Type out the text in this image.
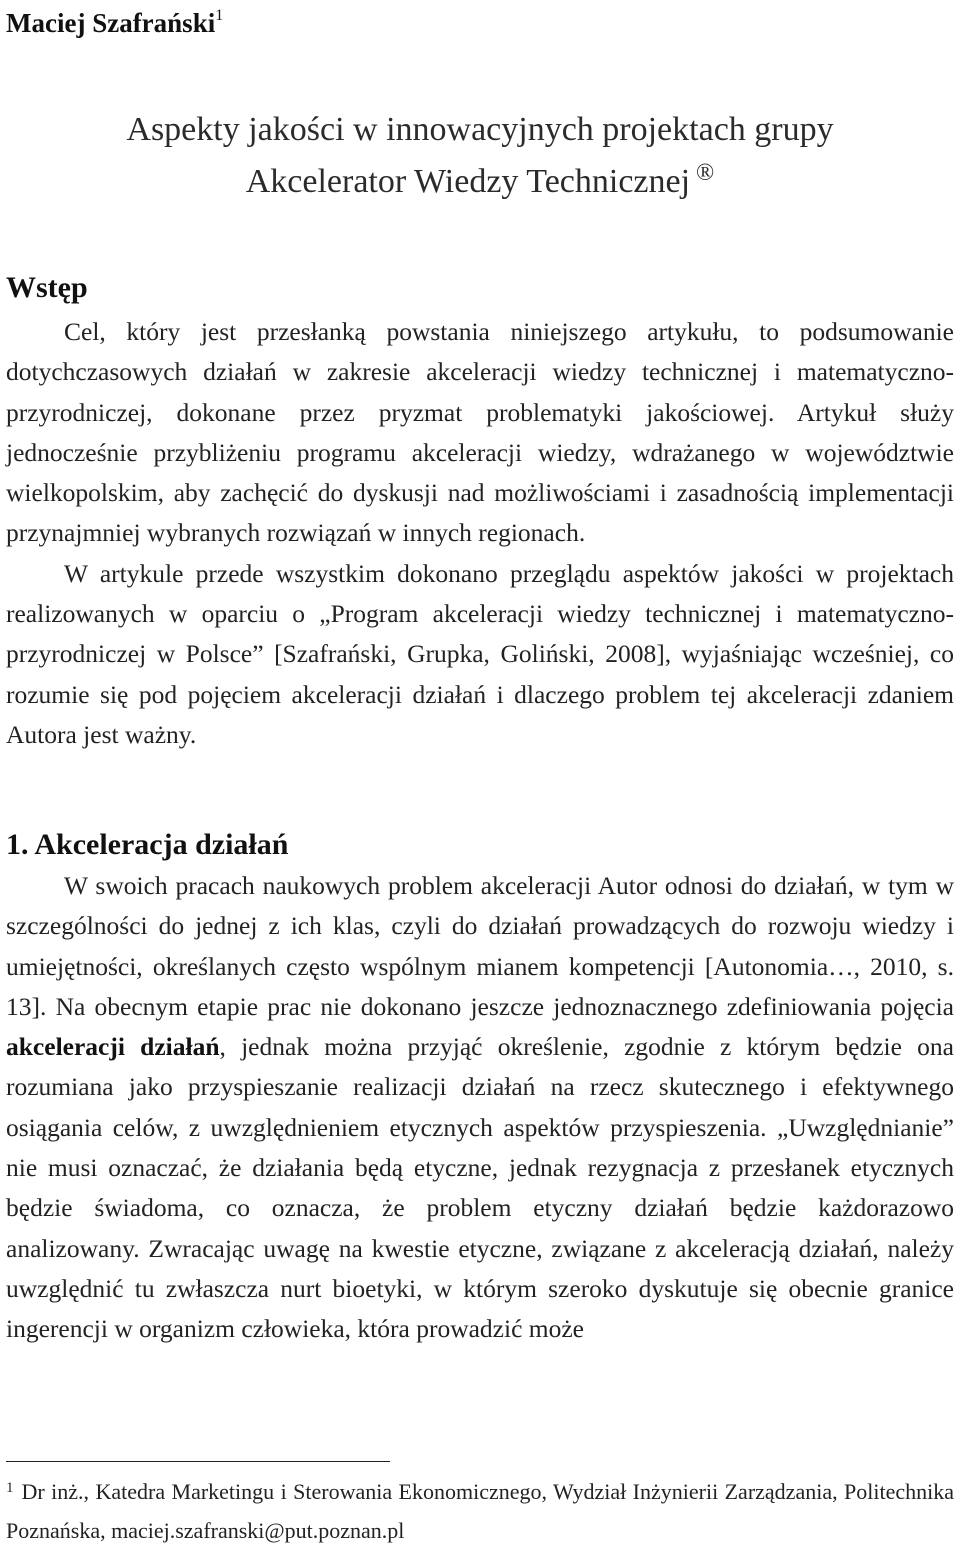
Maciej Szafrański$^1$
Aspekty jakości w innowacyjnych projektach grupy
Akcelerator Wiedzy Technicznej ®
Wstęp

Cel, który jest przesłanką powstania niniejszego artykułu, to podsumowanie dotychczasowych działań w zakresie akceleracji wiedzy technicznej i matematyczno-przyrodniczej, dokonane przez pryzmat problematyki jakościowej. Artykuł służy jednocześnie przybliżeniu programu akceleracji wiedzy, wdrażanego w województwie wielkopolskim, aby zachęcić do dyskusji nad możliwościami i zasadnością implementacji przynajmniej wybranych rozwiązań w innych regionach.

W artykule przede wszystkim dokonano przeglądu aspektów jakości w projektach realizowanych w oparciu o „Program akceleracji wiedzy technicznej i matematyczno-przyrodniczej w Polsce” [Szafrański, Grupka, Goliński, 2008], wyjaśniając wcześniej, co rozumie się pod pojęciem akceleracji działań i dlaczego problem tej akceleracji zdaniem Autora jest ważny.

1. Akceleracja działań

W swoich pracach naukowych problem akceleracji Autor odnosi do działań, w tym w szczególności do jednej z ich klas, czyli do działań prowadzących do rozwoju wiedzy i umiejętności, określanych często wspólnym mianem kompetencji [Autonomia…, 2010, s. 13]. Na obecnym etapie prac nie dokonano jeszcze jednoznacznego zdefiniowania pojęcia akceleracji działań, jednak można przyjąć określenie, zgodnie z którym będzie ona rozumiana jako przyspieszanie realizacji działań na rzecz skutecznego i efektywnego osiągania celów, z uwzględnieniem etycznych aspektów przyspieszenia. „Uwzględnianie” nie musi oznaczać, że działania będą etyczne, jednak rezygnacja z przesłanek etycznych będzie świadoma, co oznacza, że problem etyczny działań będzie każdorazowo analizowany. Zwracając uwagę na kwestie etyczne, związane z akceleracją działań, należy uwzględnić tu zwłaszcza nurt bioetyki, w którym szeroko dyskutuje się obecnie granice ingerencji w organizm człowieka, która prowadzić może

$^1$ Dr inż., Katedra Marketingu i Sterowania Ekonomicznego, Wydział Inżynierii Zarządzania, Politechnika Poznańska, maciej.szafranski@put.poznan.pl
